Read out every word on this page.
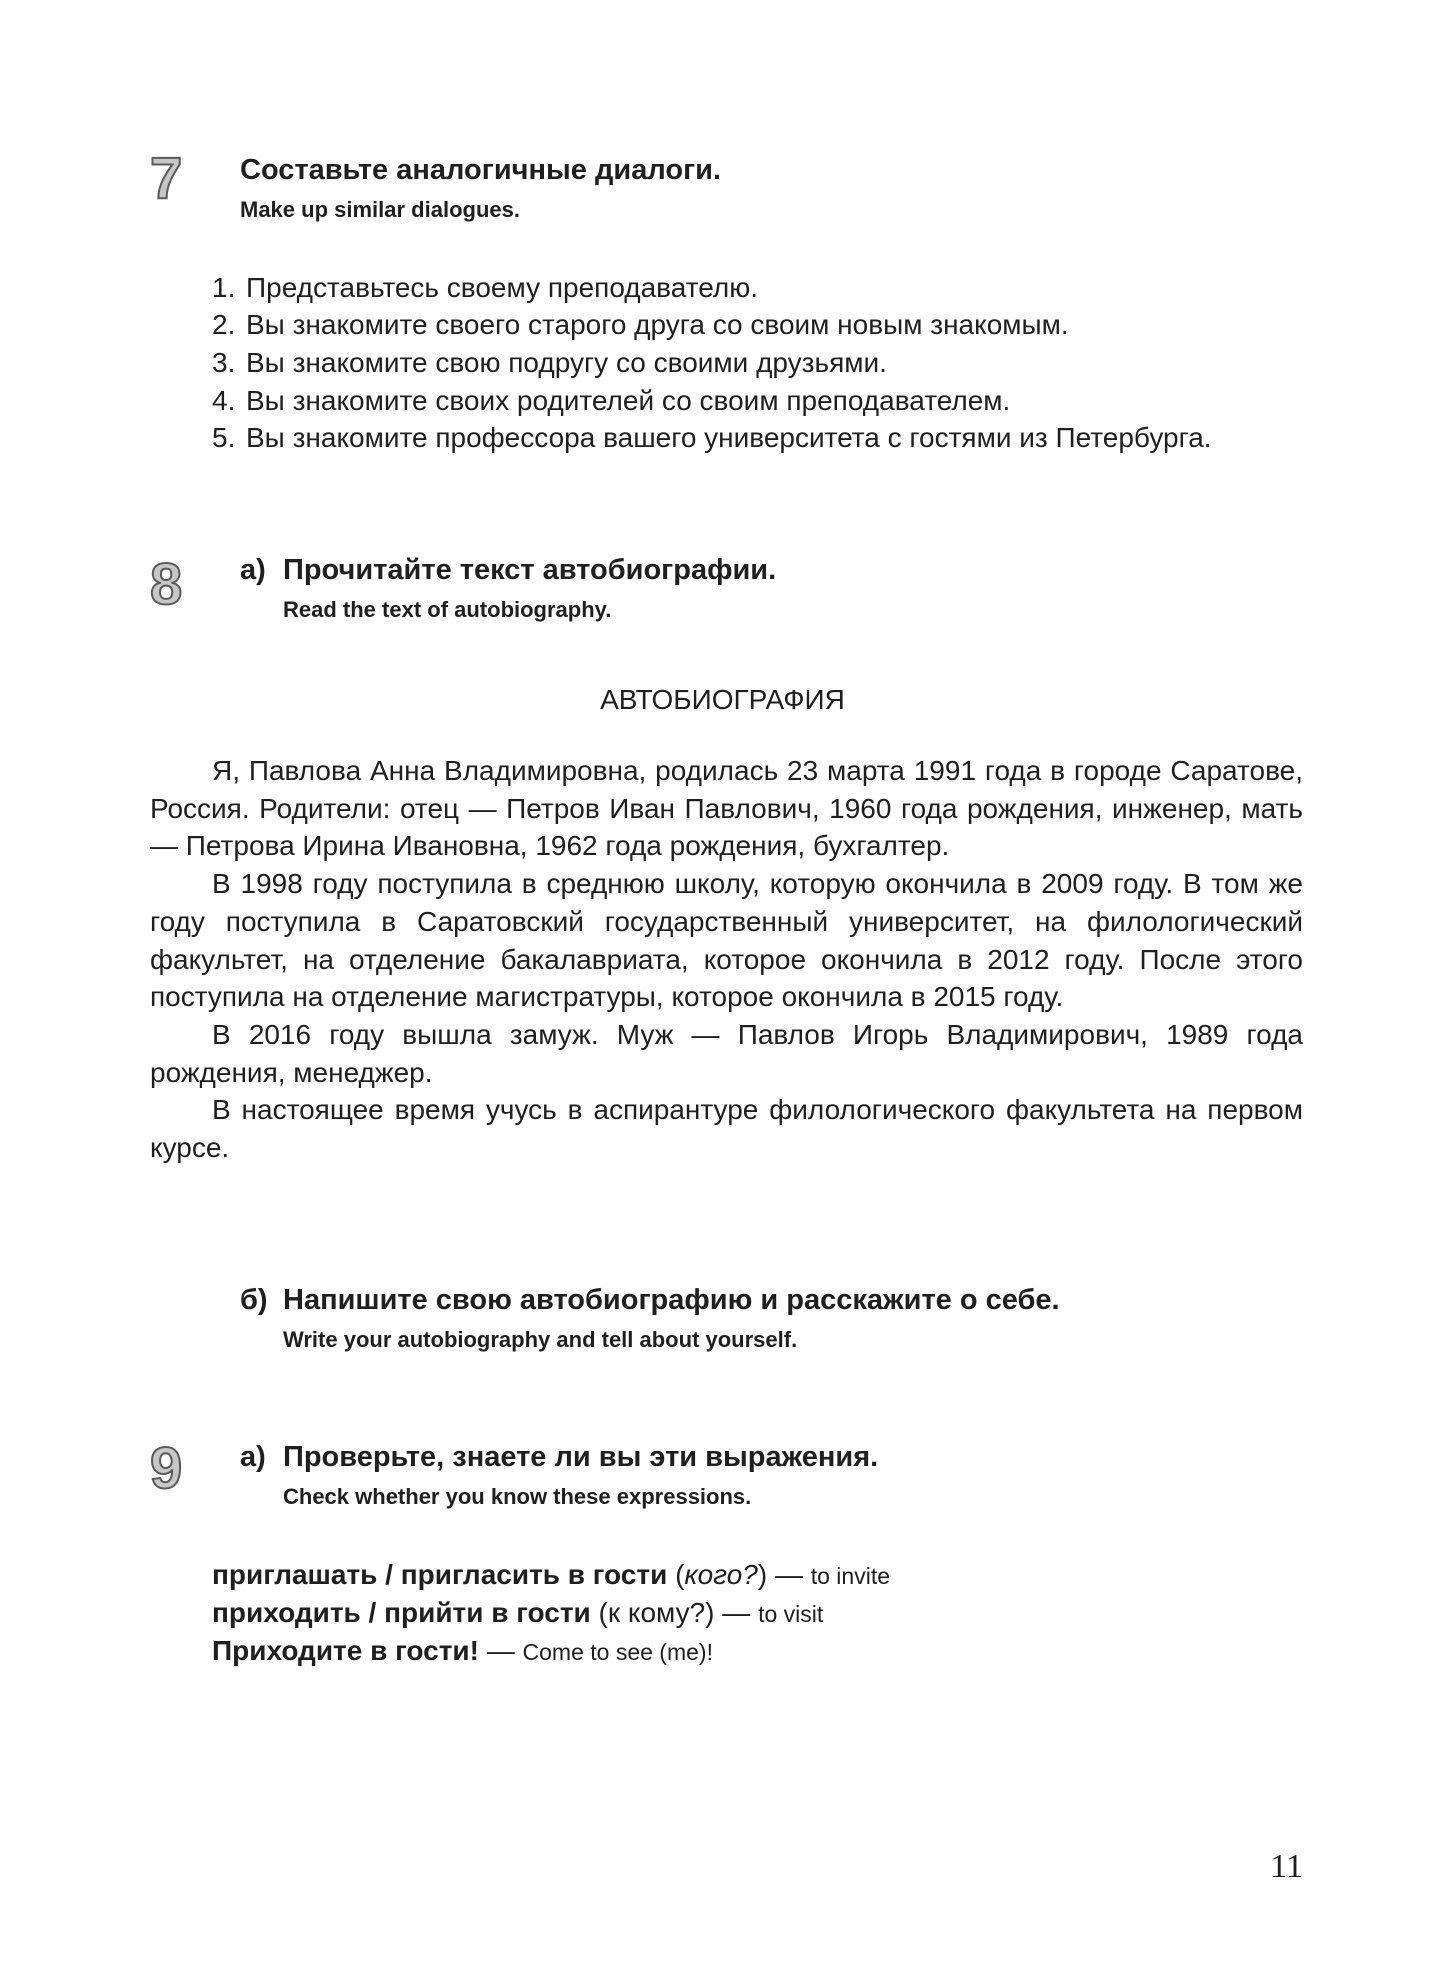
7 Составьте аналогичные диалоги.
Make up similar dialogues.
1. Представьтесь своему преподавателю.
2. Вы знакомите своего старого друга со своим новым знакомым.
3. Вы знакомите свою подругу со своими друзьями.
4. Вы знакомите своих родителей со своим преподавателем.
5. Вы знакомите профессора вашего университета с гостями из Петербурга.
8 а) Прочитайте текст автобиографии.
Read the text of autobiography.
АВТОБИОГРАФИЯ

Я, Павлова Анна Владимировна, родилась 23 марта 1991 года в городе Саратове, Россия. Родители: отец — Петров Иван Павлович, 1960 года рождения, инженер, мать — Петрова Ирина Ивановна, 1962 года рождения, бухгалтер.

В 1998 году поступила в среднюю школу, которую окончила в 2009 году. В том же году поступила в Саратовский государственный университет, на филологический факультет, на отделение бакалавриата, которое окончила в 2012 году. После этого поступила на отделение магистратуры, которое окончила в 2015 году.

В 2016 году вышла замуж. Муж — Павлов Игорь Владимирович, 1989 года рождения, менеджер.

В настоящее время учусь в аспирантуре филологического факультета на первом курсе.

б) Напишите свою автобиографию и расскажите о себе.
Write your autobiography and tell about yourself.
9 а) Проверьте, знаете ли вы эти выражения.
Check whether you know these expressions.
приглашать / пригласить в гости (кого?) — to invite
приходить / прийти в гости (к кому?) — to visit
Приходите в гости! — Come to see (me)!
11
